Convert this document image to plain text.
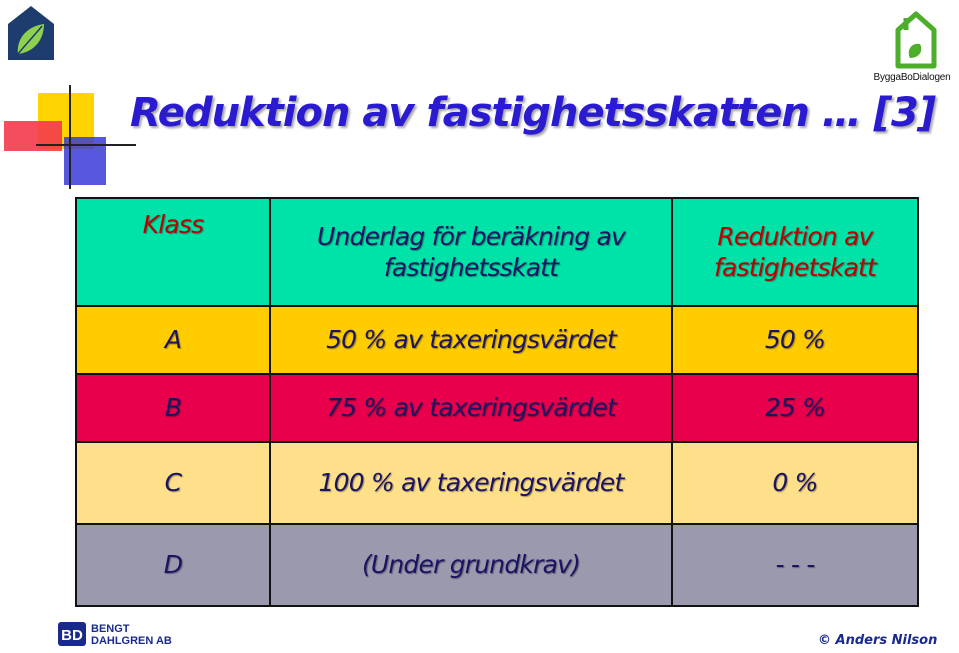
ByggaBoDialogen
Reduktion av fastighetsskatten … [3]
Klass	Underlag för beräkning av fastighetsskatt	Reduktion av fastighetskatt
A	50 % av taxeringsvärdet	50 %
B	75 % av taxeringsvärdet	25 %
C	100 % av taxeringsvärdet	0 %
D	(Under grundkrav)	- - -
BD BENGT
DAHLGREN AB	© Anders Nilson
